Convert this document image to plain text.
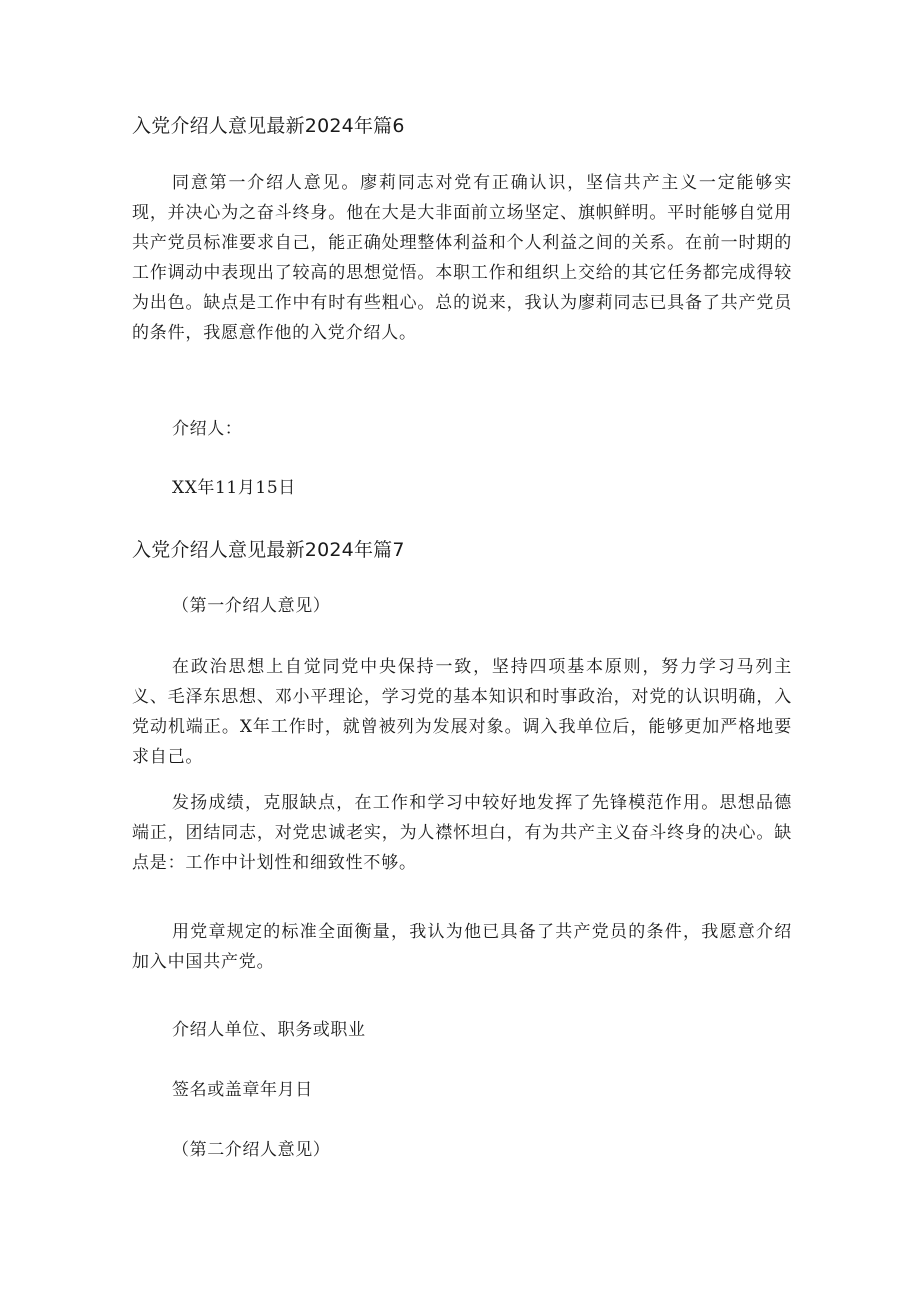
入党介绍人意见最新2024年篇6
同意第一介绍人意见。廖莉同志对党有正确认识，坚信共产主义一定能够实现，并决心为之奋斗终身。他在大是大非面前立场坚定、旗帜鲜明。平时能够自觉用共产党员标准要求自己，能正确处理整体利益和个人利益之间的关系。在前一时期的工作调动中表现出了较高的思想觉悟。本职工作和组织上交给的其它任务都完成得较为出色。缺点是工作中有时有些粗心。总的说来，我认为廖莉同志已具备了共产党员的条件，我愿意作他的入党介绍人。
介绍人：
XX年11月15日
入党介绍人意见最新2024年篇7
（第一介绍人意见）
在政治思想上自觉同党中央保持一致，坚持四项基本原则，努力学习马列主义、毛泽东思想、邓小平理论，学习党的基本知识和时事政治，对党的认识明确，入党动机端正。X年工作时，就曾被列为发展对象。调入我单位后，能够更加严格地要求自己。
发扬成绩，克服缺点，在工作和学习中较好地发挥了先锋模范作用。思想品德端正，团结同志，对党忠诚老实，为人襟怀坦白，有为共产主义奋斗终身的决心。缺点是：工作中计划性和细致性不够。
用党章规定的标准全面衡量，我认为他已具备了共产党员的条件，我愿意介绍加入中国共产党。
介绍人单位、职务或职业
签名或盖章年月日
（第二介绍人意见）
